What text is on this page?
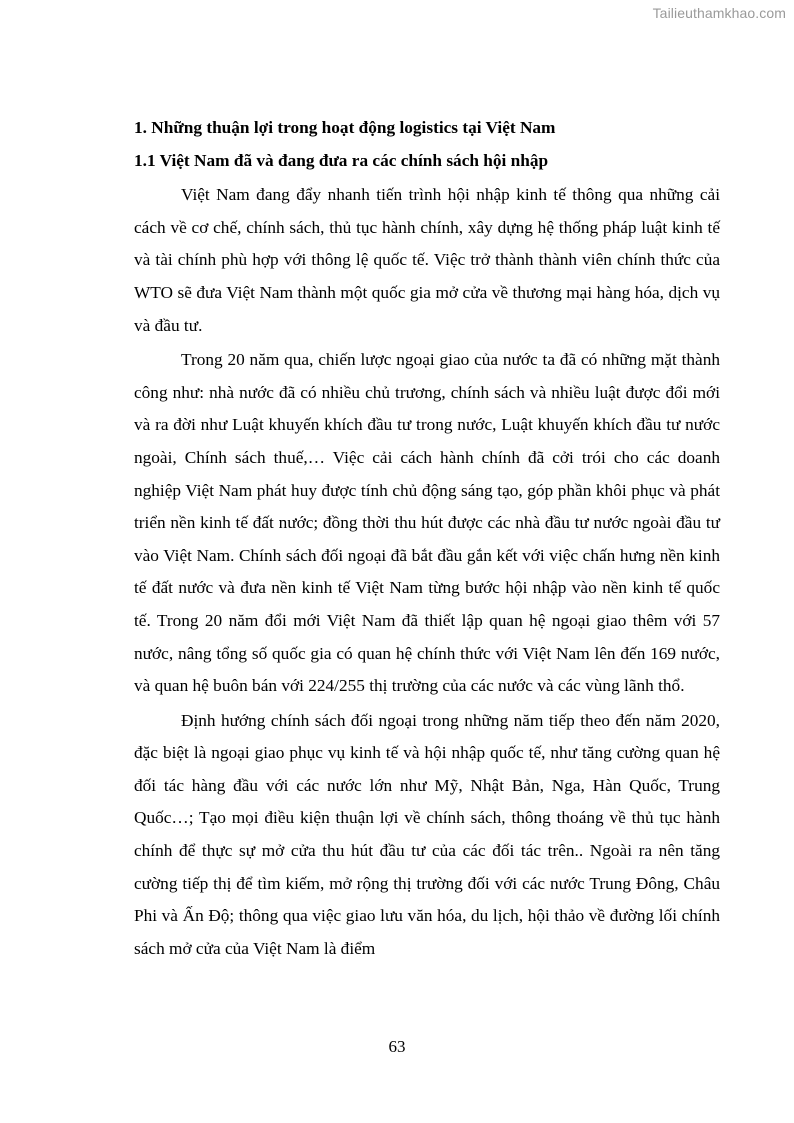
Tailieuthamkhao.com

1. Những thuận lợi trong hoạt động logistics tại Việt Nam

1.1 Việt Nam đã và đang đưa ra các chính sách hội nhập

Việt Nam đang đẩy nhanh tiến trình hội nhập kinh tế thông qua những cải cách về cơ chế, chính sách, thủ tục hành chính, xây dựng hệ thống pháp luật kinh tế và tài chính phù hợp với thông lệ quốc tế. Việc trở thành thành viên chính thức của WTO sẽ đưa Việt Nam thành một quốc gia mở cửa về thương mại hàng hóa, dịch vụ và đầu tư.

Trong 20 năm qua, chiến lược ngoại giao của nước ta đã có những mặt thành công như: nhà nước đã có nhiều chủ trương, chính sách và nhiều luật được đổi mới và ra đời như Luật khuyến khích đầu tư trong nước, Luật khuyến khích đầu tư nước ngoài, Chính sách thuế,… Việc cải cách hành chính đã cởi trói cho các doanh nghiệp Việt Nam phát huy được tính chủ động sáng tạo, góp phần khôi phục và phát triển nền kinh tế đất nước; đồng thời thu hút được các nhà đầu tư nước ngoài đầu tư vào Việt Nam. Chính sách đối ngoại đã bắt đầu gắn kết với việc chấn hưng nền kinh tế đất nước và đưa nền kinh tế Việt Nam từng bước hội nhập vào nền kinh tế quốc tế. Trong 20 năm đổi mới Việt Nam đã thiết lập quan hệ ngoại giao thêm với 57 nước, nâng tổng số quốc gia có quan hệ chính thức với Việt Nam lên đến 169 nước, và quan hệ buôn bán với 224/255 thị trường của các nước và các vùng lãnh thổ.

Định hướng chính sách đối ngoại trong những năm tiếp theo đến năm 2020, đặc biệt là ngoại giao phục vụ kinh tế và hội nhập quốc tế, như tăng cường quan hệ đối tác hàng đầu với các nước lớn như Mỹ, Nhật Bản, Nga, Hàn Quốc, Trung Quốc…; Tạo mọi điều kiện thuận lợi về chính sách, thông thoáng về thủ tục hành chính để thực sự mở cửa thu hút đầu tư của các đối tác trên.. Ngoài ra nên tăng cường tiếp thị để tìm kiếm, mở rộng thị trường đối với các nước Trung Đông, Châu Phi và Ấn Độ; thông qua việc giao lưu văn hóa, du lịch, hội thảo về đường lối chính sách mở cửa của Việt Nam là điểm

63
